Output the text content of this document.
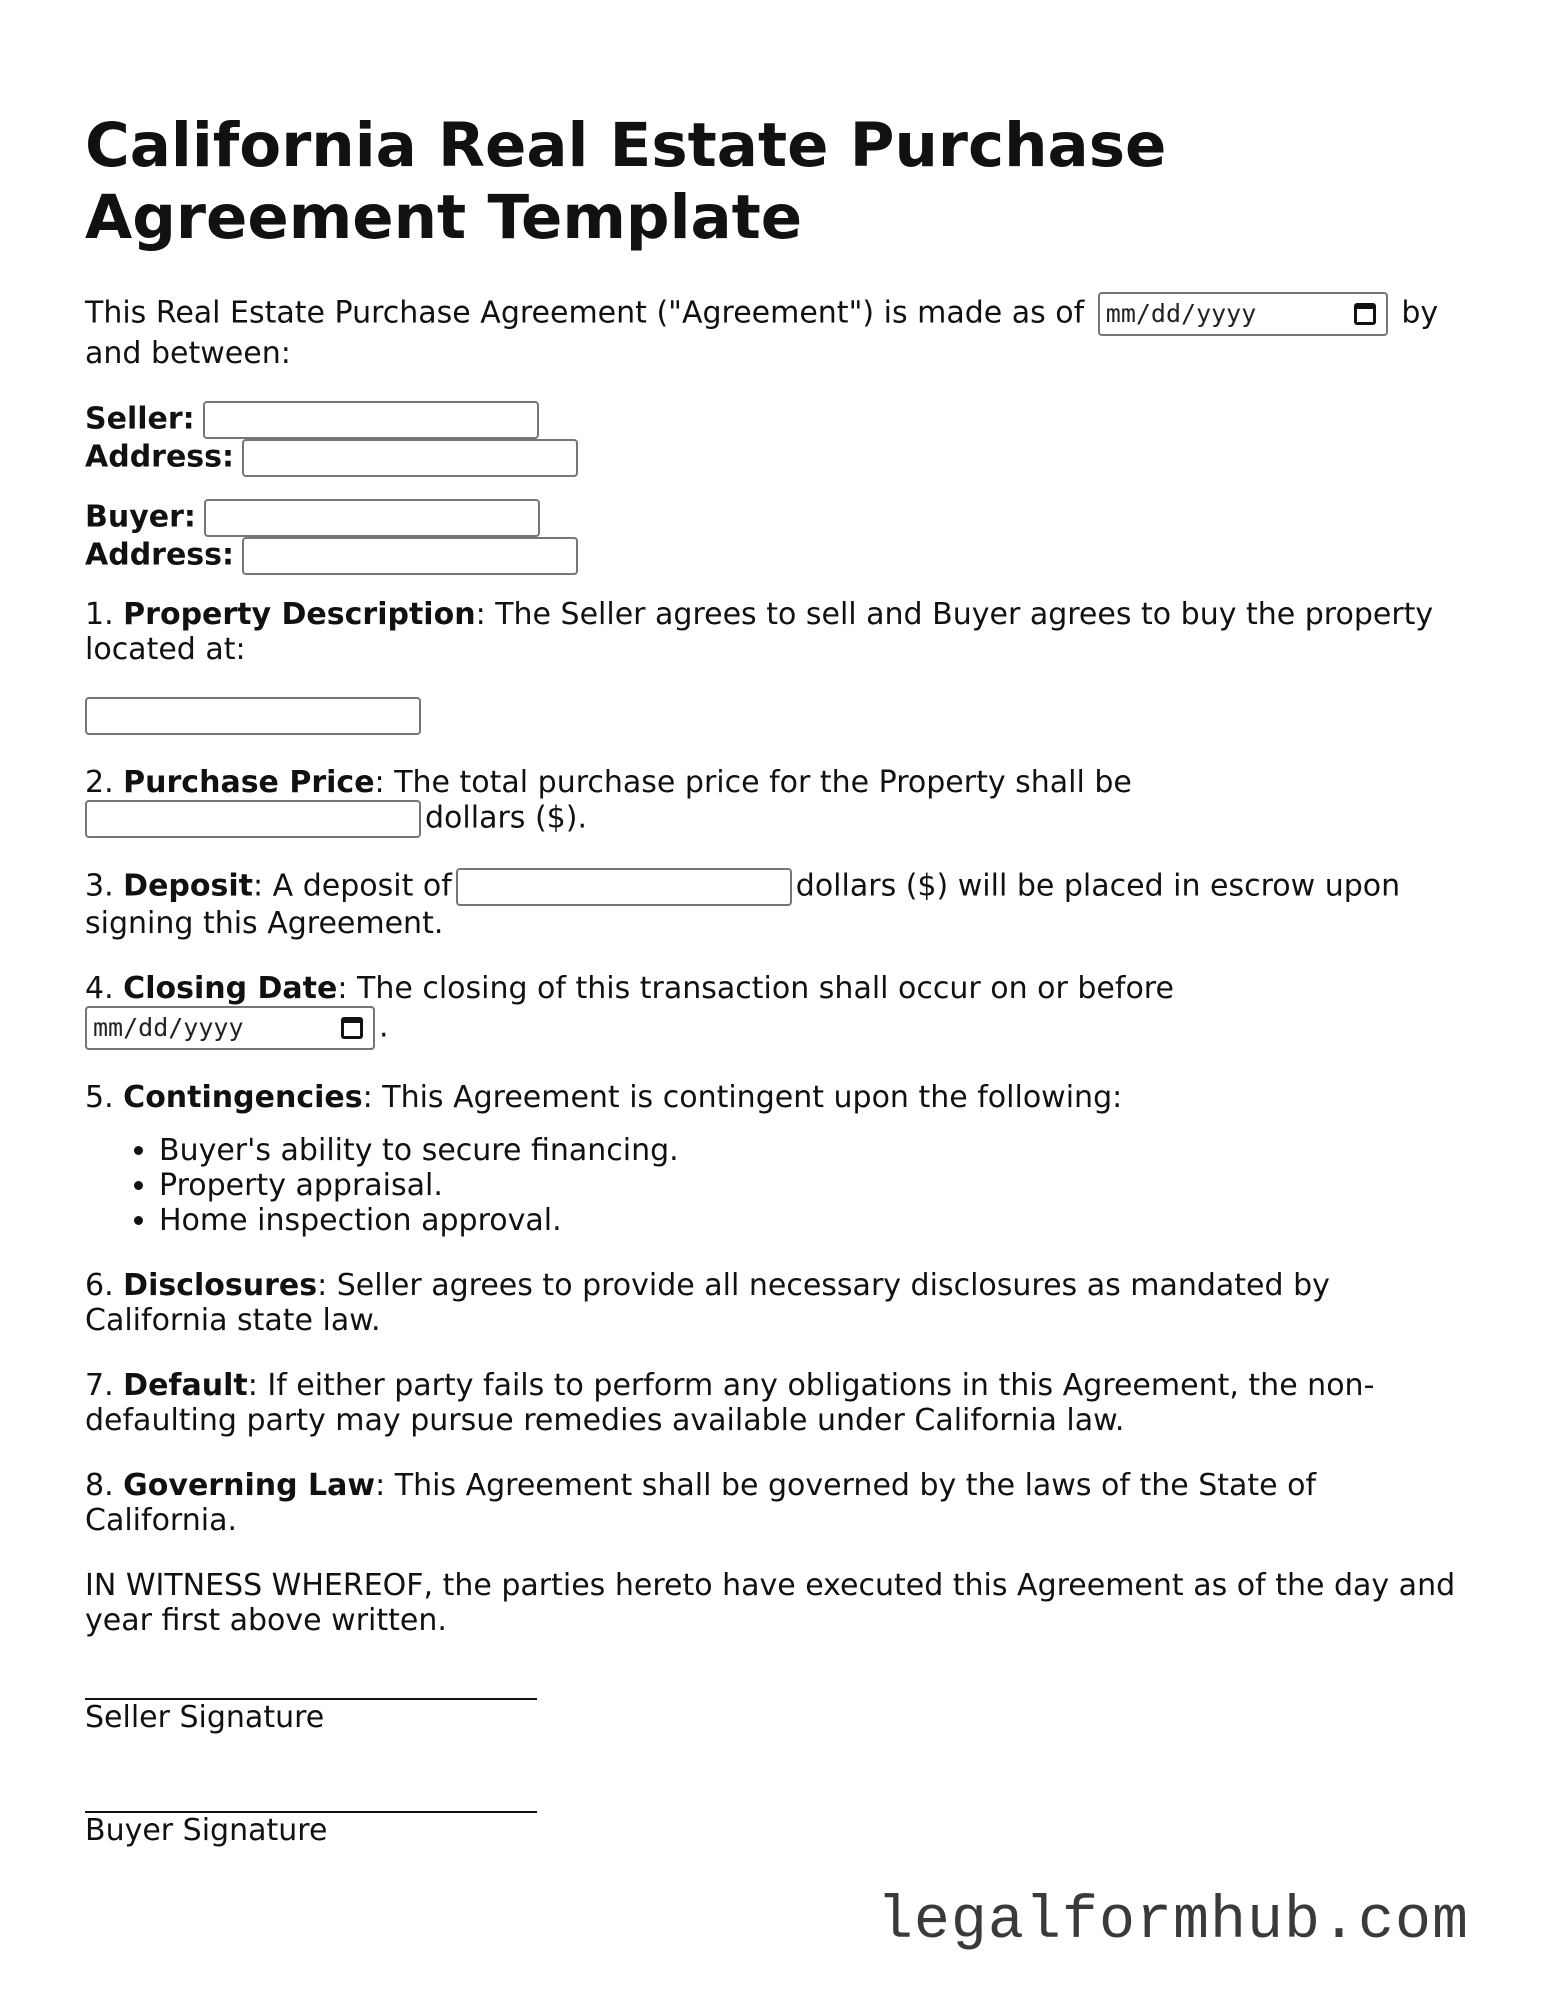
California Real Estate Purchase Agreement Template

This Real Estate Purchase Agreement ("Agreement") is made as of mm/dd/yyyy	by and between:

Seller:
Address:
Buyer:
Address:

1. Property Description: The Seller agrees to sell and Buyer agrees to buy the property located at:

2. Purchase Price: The total purchase price for the Property shall be
dollars ($).

3. Deposit: A deposit of	dollars ($) will be placed in escrow upon signing this Agreement.

4. Closing Date: The closing of this transaction shall occur on or before
mm/dd/yyyy	.

5. Contingencies: This Agreement is contingent upon the following:

• Buyer's ability to secure financing.
• Property appraisal.
• Home inspection approval.

6. Disclosures: Seller agrees to provide all necessary disclosures as mandated by California state law.

7. Default: If either party fails to perform any obligations in this Agreement, the non-defaulting party may pursue remedies available under California law.

8. Governing Law: This Agreement shall be governed by the laws of the State of California.

IN WITNESS WHEREOF, the parties hereto have executed this Agreement as of the day and year first above written.

Seller Signature
Buyer Signature
legalformhub.com
